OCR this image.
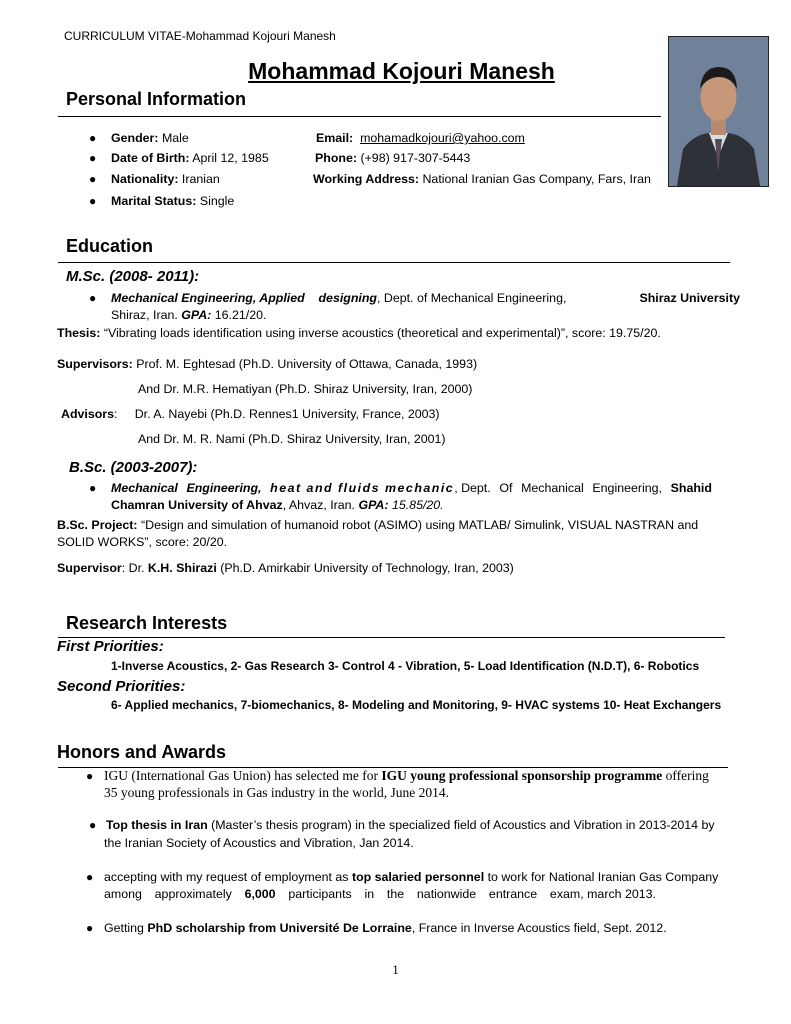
CURRICULUM VITAE-Mohammad Kojouri Manesh
Mohammad Kojouri Manesh
Personal Information
● Gender: Male
● Date of Birth: April 12, 1985
● Nationality: Iranian
● Marital Status: Single
Email: mohamadkojouri@yahoo.com
Phone: (+98) 917-307-5443
Working Address: National Iranian Gas Company, Fars, Iran
Education
M.Sc. (2008- 2011):
● Mechanical Engineering, Applied designing, Dept. of Mechanical Engineering,	Shiraz University
Shiraz, Iran. GPA: 16.21/20.
Thesis: “Vibrating loads identification using inverse acoustics (theoretical and experimental)”, score: 19.75/20.
Supervisors: Prof. M. Eghtesad (Ph.D. University of Ottawa, Canada, 1993)
And Dr. M.R. Hematiyan (Ph.D. Shiraz University, Iran, 2000)
Advisors:     Dr. A. Nayebi (Ph.D. Rennes1 University, France, 2003)
And Dr. M. R. Nami (Ph.D. Shiraz University, Iran, 2001)
B.Sc. (2003-2007):
● Mechanical Engineering, heat and fluids mechanic, Dept. Of Mechanical Engineering, Shahid
Chamran University of Ahvaz, Ahvaz, Iran. GPA: 15.85/20.
B.Sc. Project: “Design and simulation of humanoid robot (ASIMO) using MATLAB/ Simulink, VISUAL NASTRAN and
SOLID WORKS”, score: 20/20.
Supervisor: Dr. K.H. Shirazi (Ph.D. Amirkabir University of Technology, Iran, 2003)
Research Interests
First Priorities:
1-Inverse Acoustics, 2- Gas Research 3- Control 4 - Vibration, 5- Load Identification (N.D.T), 6- Robotics
Second Priorities:
6- Applied mechanics, 7-biomechanics, 8- Modeling and Monitoring, 9- HVAC systems 10- Heat Exchangers
Honors and Awards
● IGU (International Gas Union) has selected me for IGU young professional sponsorship programme offering
35 young professionals in Gas industry in the world, June 2014.
● Top thesis in Iran (Master’s thesis program) in the specialized field of Acoustics and Vibration in 2013-2014 by
the Iranian Society of Acoustics and Vibration, Jan 2014.
● accepting with my request of employment as top salaried personnel to work for National Iranian Gas Company
among approximately 6,000 participants in the nationwide entrance exam, march 2013.
● Getting PhD scholarship from Université De Lorraine, France in Inverse Acoustics field, Sept. 2012.
1
